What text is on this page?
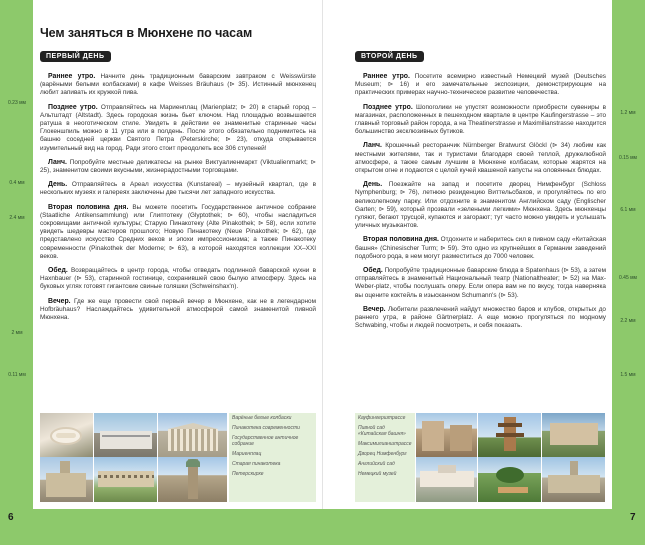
0.23 мм
0.4 мм
2.4 мм
2 мм
0.11 мм
1.2 мм
0.15 мм
6.1 мм
0.45 мм
2.2 мм
1.5 мм
Чем заняться в Мюнхене по часам
ПЕРВЫЙ ДЕНЬ

Раннее утро. Начните день традиционным баварским завтраком с Weisswürste (варёными белыми колбасками) в кафе Weisses Bräuhaus (⊳ 35). Истинный мюнхенец любит запивать их кружкой пива.

Позднее утро. Отправляйтесь на Мариенплац (Marienplatz; ⊳ 20) в старый город – Альтштадт (Altstadt). Здесь городская жизнь бьет ключом. Над площадью возвышается ратуша в неоготическом стиле. Увидеть в действии ее знаменитые старинные часы Глокеншпиль можно в 11 утра или в полдень. После этого обязательно поднимитесь на башню соседней церкви Святого Петра (Peterskirche; ⊳ 23), откуда открывается изумительный вид на город. Ради этого стоит преодолеть все 306 ступеней!

Ланч. Попробуйте местные деликатесы на рынке Виктуалиенмаркт (Viktualienmarkt; ⊳ 25), знаменитом своими вкусными, жизнерадостными торговцами.

День. Отправляйтесь в Ареал искусства (Kunstareal) – музейный квартал, где в нескольких музеях и галереях заключены две тысячи лет западного искусства.

Вторая половина дня. Вы можете посетить Государственное античное собрание (Staatliche Antikensammlung) или Глиптотеку (Glyptothek; ⊳ 60), чтобы насладиться сокровищами античной культуры; Старую Пинакотеку (Alte Pinakothek; ⊳ 58), если хотите увидеть шедевры мастеров прошлого; Новую Пинакотеку (Neue Pinakothek; ⊳ 62), где представлено искусство Средних веков и эпохи импрессионизма; а также Пинакотеку современности (Pinakothek der Moderne; ⊳ 63), в которой находятся коллекции XX–XXI веков.

Обед. Возвращайтесь в центр города, чтобы отведать подлинной баварской кухни в Haxnbauer (⊳ 53), старинной гостинице, сохранившей свою былую атмосферу. Здесь на буковых углях готовят гигантские свиные голяшки (Schweinshax'n).

Вечер. Где же еще провести свой первый вечер в Мюнхене, как не в легендарном Hofbräuhaus? Наслаждайтесь удивительной атмосферой самой знаменитой пивной Мюнхена.

Варёные белые колбаски
Пинакотека современности
Государственное античное собрание
Мариенплац
Старая пинакотека
Петерскирхе
ВТОРОЙ ДЕНЬ

Раннее утро. Посетите всемирно известный Немецкий музей (Deutsches Museum; ⊳ 16) и его замечательные экспозиции, демонстрирующие на практических примерах научно-техническое развитие человечества.

Позднее утро. Шопоголики не упустят возможности приобрести сувениры в магазинах, расположенных в пешеходном квартале в центре Kaufingerstrasse – это главный торговый район города, а на Theatinerstrasse и Maximilianstrasse находится большинство эксклюзивных бутиков.

Ланч. Крошечный ресторанчик Nürnberger Bratwurst Glöckl (⊳ 34) любим как местными жителями, так и туристами благодаря своей теплой, дружелюбной атмосфере, а также самым лучшим в Мюнхене колбасам, которые жарятся на открытом огне и подаются с целой кучей квашеной капусты на оловянных блюдах.

День. Поезжайте на запад и посетите дворец Нимфенбург (Schloss Nymphenburg; ⊳ 76), летнюю резиденцию Виттельсбахов, и прогуляйтесь по его великолепному парку. Или отдохните в знаменитом Английском саду (Englischer Garten; ⊳ 59), который прозвали «зелеными легкими» Мюнхена. Здесь мюнхенцы гуляют, бегают трусцой, купаются и загорают; тут часто можно увидеть и услышать уличных музыкантов.

Вторая половина дня. Отдохните и наберитесь сил в пивном саду «Китайская башня» (Chinesischer Turm; ⊳ 59). Это одно из крупнейших в Германии заведений подобного рода, в нем могут разместиться до 7000 человек.

Обед. Попробуйте традиционные баварские блюда в Spatenhaus (⊳ 53), а затем отправляйтесь в знаменитый Национальный театр (Nationaltheater; ⊳ 52) на Max-Weber-platz, чтобы послушать оперу. Если опера вам не по вкусу, тогда наверняка вы оцените коктейль в изысканном Schumann's (⊳ 53).

Вечер. Любители развлечений найдут множество баров и клубов, открытых до раннего утра, в районе Gärtnerplatz. А еще можно прогуляться по модному Schwabing, чтобы и людей посмотреть, и себя показать.

Кауфингерштрассе
Пивной сад «Китайская башня»
Максимилианштрассе
Дворец Нимфенбург
Английский сад
Немецкий музей
6	7
